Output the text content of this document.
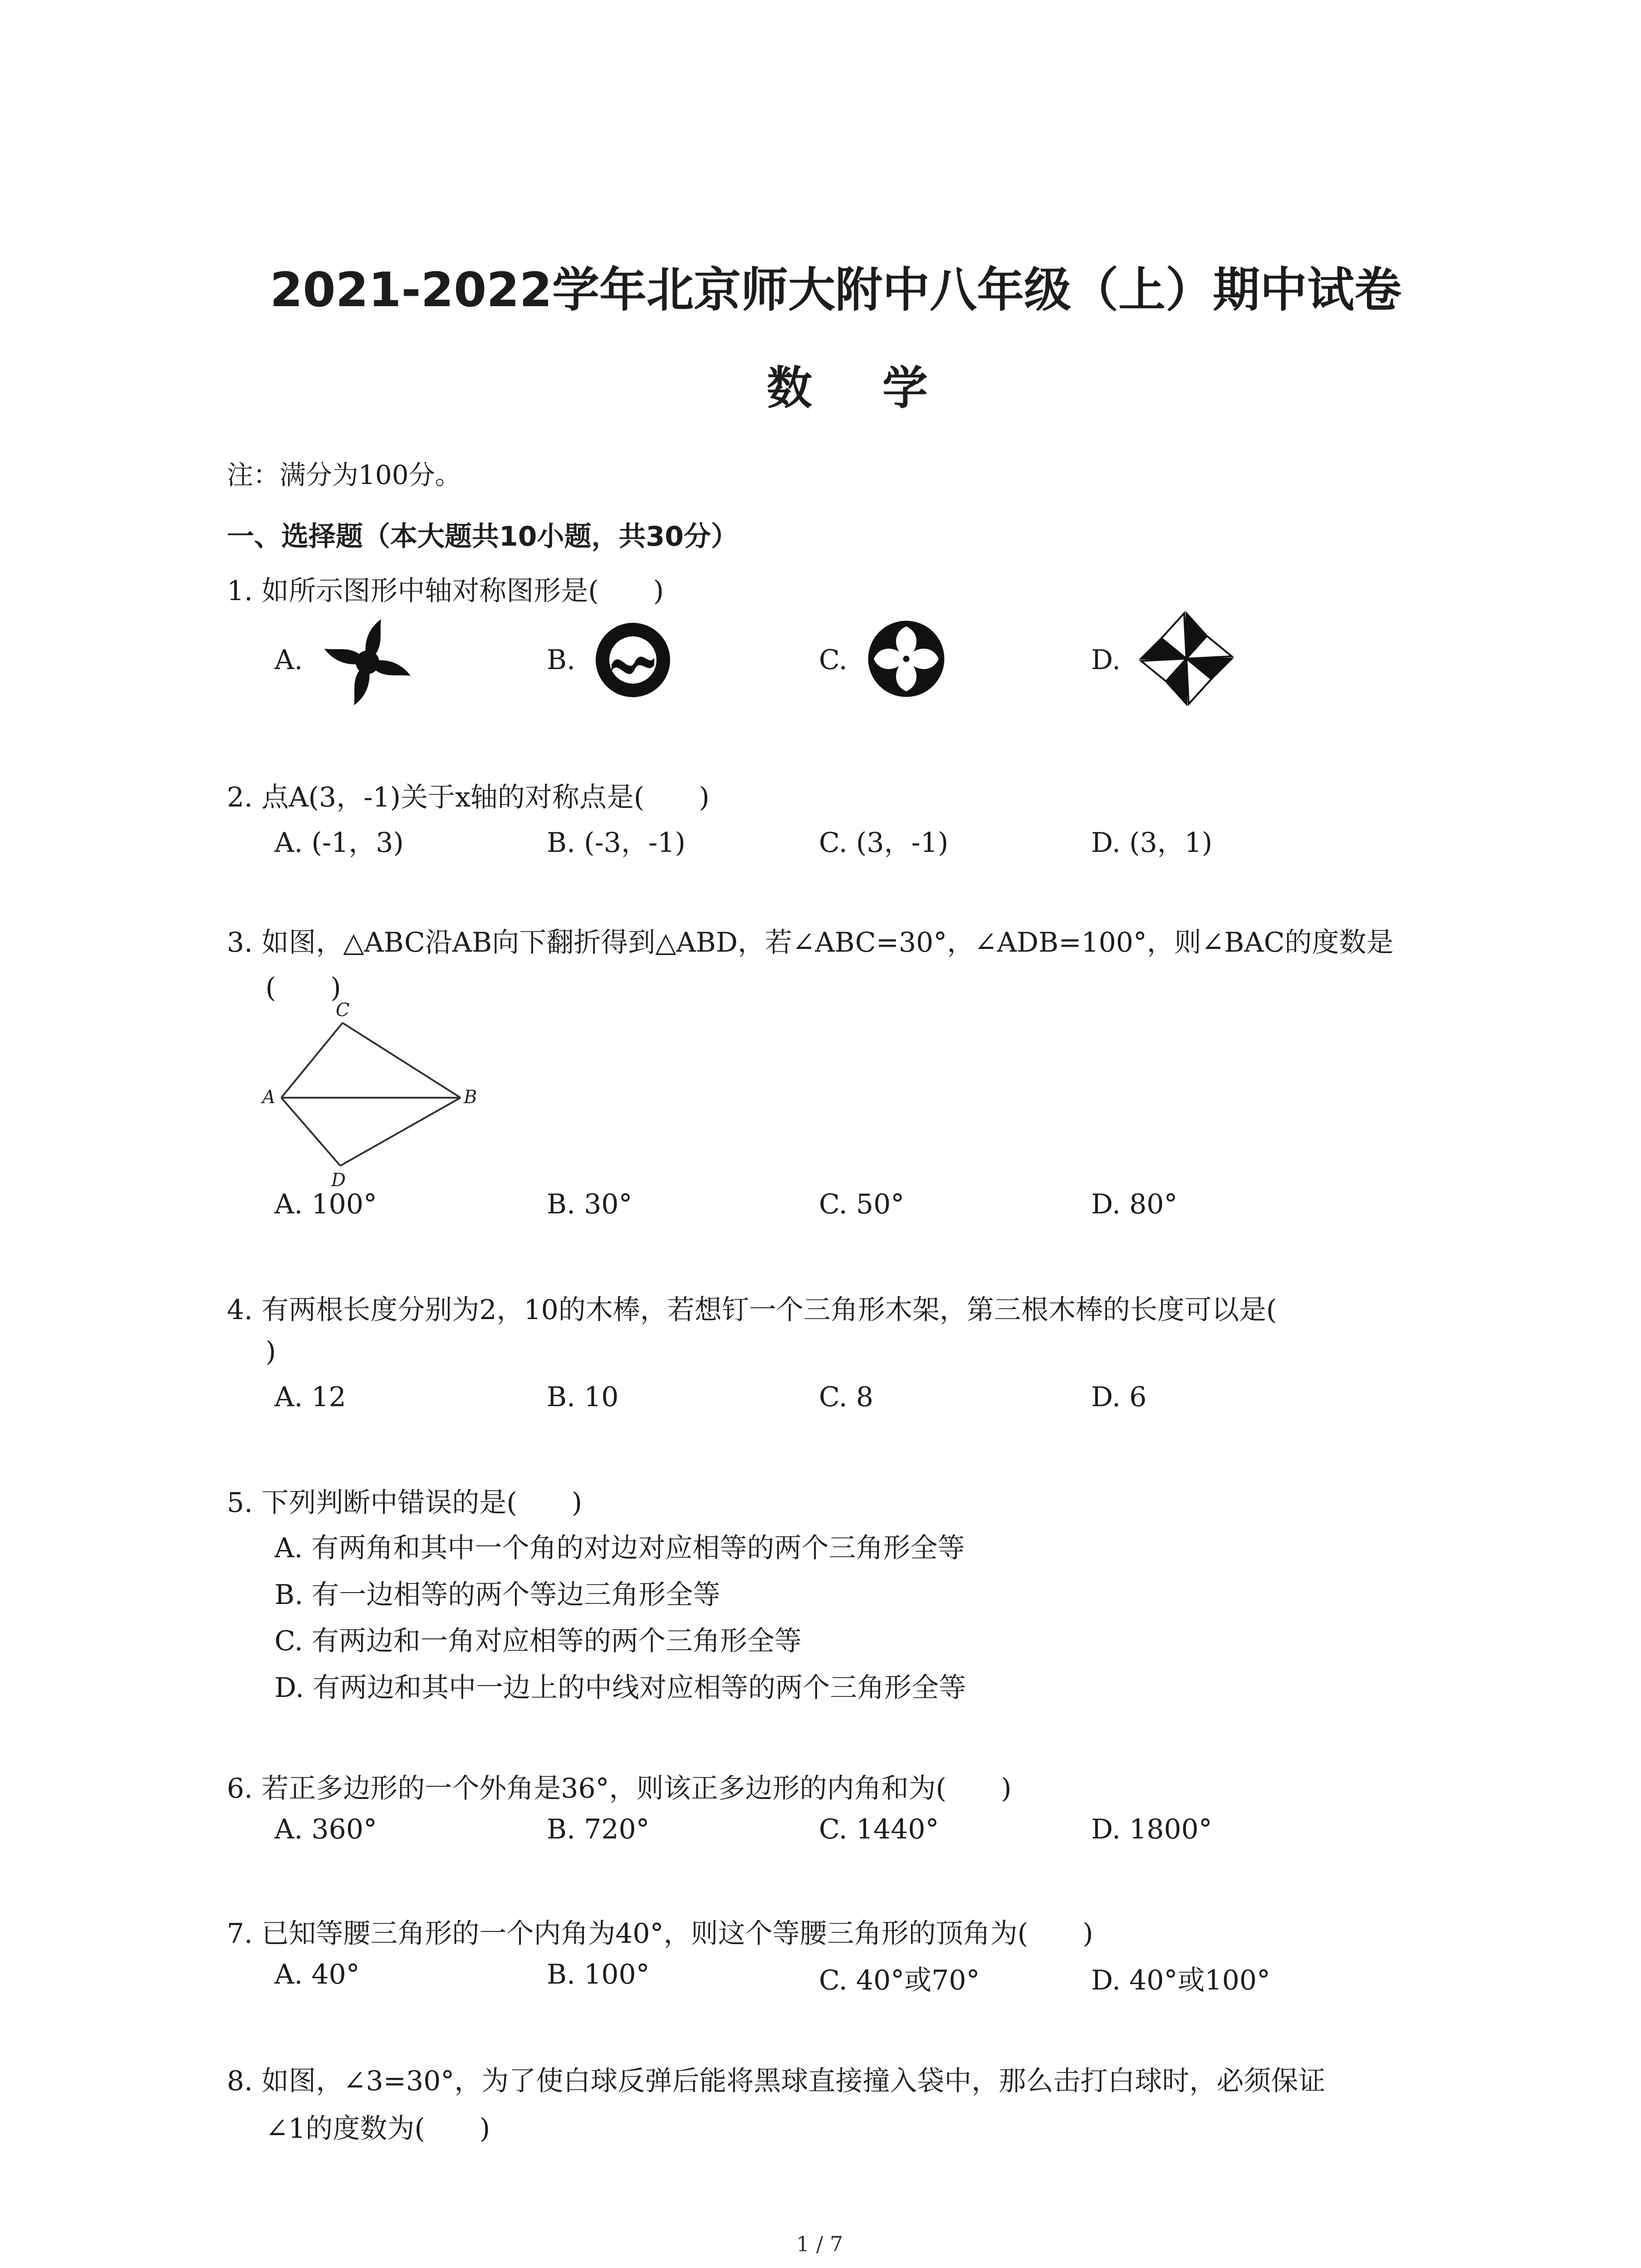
2021-2022学年北京师大附中八年级（上）期中试卷
数 学
注：满分为100分。
一、选择题（本大题共10小题，共30分）
1. 如所示图形中轴对称图形是(　　)
A.	B.	C.	D.
2. 点A(3，-1)关于x轴的对称点是(　　)
A. (-1，3)	B. (-3，-1)	C. (3，-1)	D. (3，1)
3. 如图，△ABC沿AB向下翻折得到△ABD，若∠ABC=30°，∠ADB=100°，则∠BAC的度数是
(　　)
C
A	B
D
A. 100°	B. 30°	C. 50°	D. 80°
4. 有两根长度分别为2，10的木棒，若想钉一个三角形木架，第三根木棒的长度可以是(
)
A. 12	B. 10	C. 8	D. 6
5. 下列判断中错误的是(　　)
A. 有两角和其中一个角的对边对应相等的两个三角形全等
B. 有一边相等的两个等边三角形全等
C. 有两边和一角对应相等的两个三角形全等
D. 有两边和其中一边上的中线对应相等的两个三角形全等
6. 若正多边形的一个外角是36°，则该正多边形的内角和为(　　)
A. 360°	B. 720°	C. 1440°	D. 1800°
7. 已知等腰三角形的一个内角为40°，则这个等腰三角形的顶角为(　　)
A. 40°	B. 100°	C. 40°或70°	D. 40°或100°
8. 如图，∠3=30°，为了使白球反弹后能将黑球直接撞入袋中，那么击打白球时，必须保证
∠1的度数为(　　)
1 / 7
